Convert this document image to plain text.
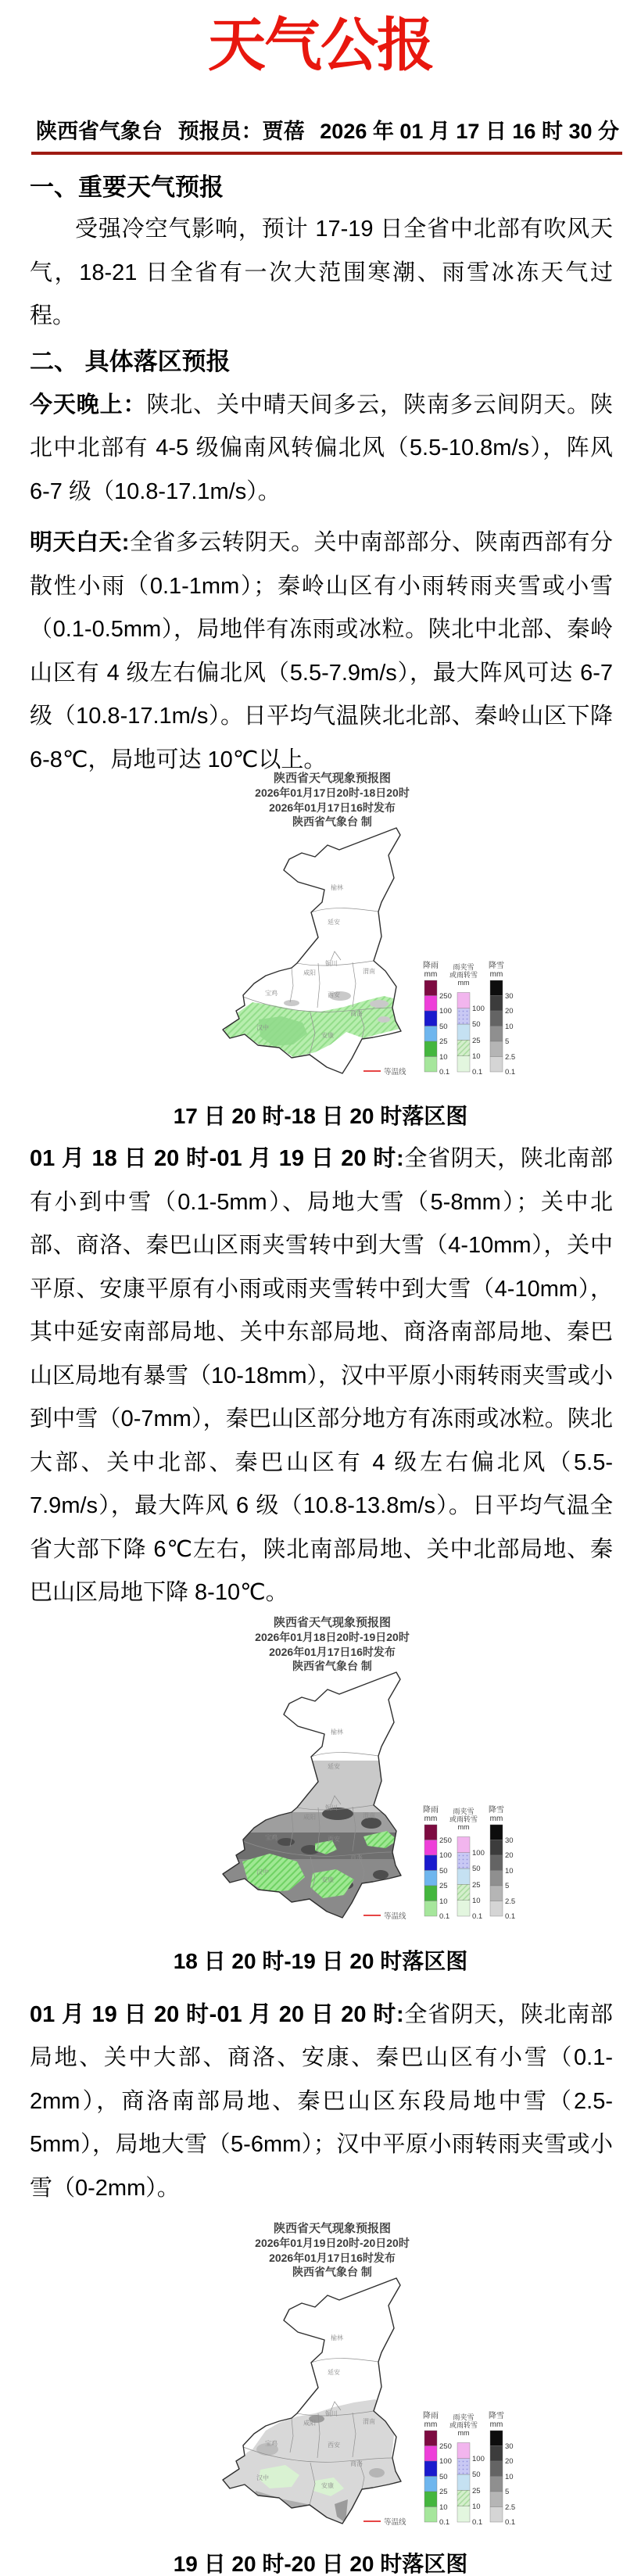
天气公报
陕西省气象台 预报员：贾蓓 2026 年 01 月 17 日 16 时 30 分
一、重要天气预报
受强冷空气影响，预计 17-19 日全省中北部有吹风天气，18-21 日全省有一次大范围寒潮、雨雪冰冻天气过程。
二、 具体落区预报
今天晚上：陕北、关中晴天间多云，陕南多云间阴天。陕北中北部有 4-5 级偏南风转偏北风（5.5-10.8m/s），阵风 6-7 级（10.8-17.1m/s）。
明天白天:全省多云转阴天。关中南部部分、陕南西部有分散性小雨（0.1-1mm）；秦岭山区有小雨转雨夹雪或小雪（0.1-0.5mm），局地伴有冻雨或冰粒。陕北中北部、秦岭山区有 4 级左右偏北风（5.5-7.9m/s），最大阵风可达 6-7 级（10.8-17.1m/s）。日平均气温陕北北部、秦岭山区下降 6-8℃，局地可达 10℃以上。
陕西省天气现象预报图
2026年01月17日20时-18日20时
2026年01月17日16时发布
陕西省气象台 制
17 日 20 时-18 日 20 时落区图
01 月 18 日 20 时-01 月 19 日 20 时:全省阴天，陕北南部有小到中雪（0.1-5mm）、局地大雪（5-8mm）；关中北部、商洛、秦巴山区雨夹雪转中到大雪（4-10mm），关中平原、安康平原有小雨或雨夹雪转中到大雪（4-10mm），其中延安南部局地、关中东部局地、商洛南部局地、秦巴山区局地有暴雪（10-18mm），汉中平原小雨转雨夹雪或小到中雪（0-7mm），秦巴山区部分地方有冻雨或冰粒。陕北大部、关中北部、秦巴山区有 4 级左右偏北风（5.5-7.9m/s），最大阵风 6 级（10.8-13.8m/s）。日平均气温全省大部下降 6℃左右，陕北南部局地、关中北部局地、秦巴山区局地下降 8-10℃。
陕西省天气现象预报图
2026年01月18日20时-19日20时
2026年01月17日16时发布
陕西省气象台 制
18 日 20 时-19 日 20 时落区图
01 月 19 日 20 时-01 月 20 日 20 时:全省阴天，陕北南部局地、关中大部、商洛、安康、秦巴山区有小雪（0.1-2mm），商洛南部局地、秦巴山区东段局地中雪（2.5-5mm），局地大雪（5-6mm）；汉中平原小雨转雨夹雪或小雪（0-2mm）。
陕西省天气现象预报图
2026年01月19日20时-20日20时
2026年01月17日16时发布
陕西省气象台 制
19 日 20 时-20 日 20 时落区图
